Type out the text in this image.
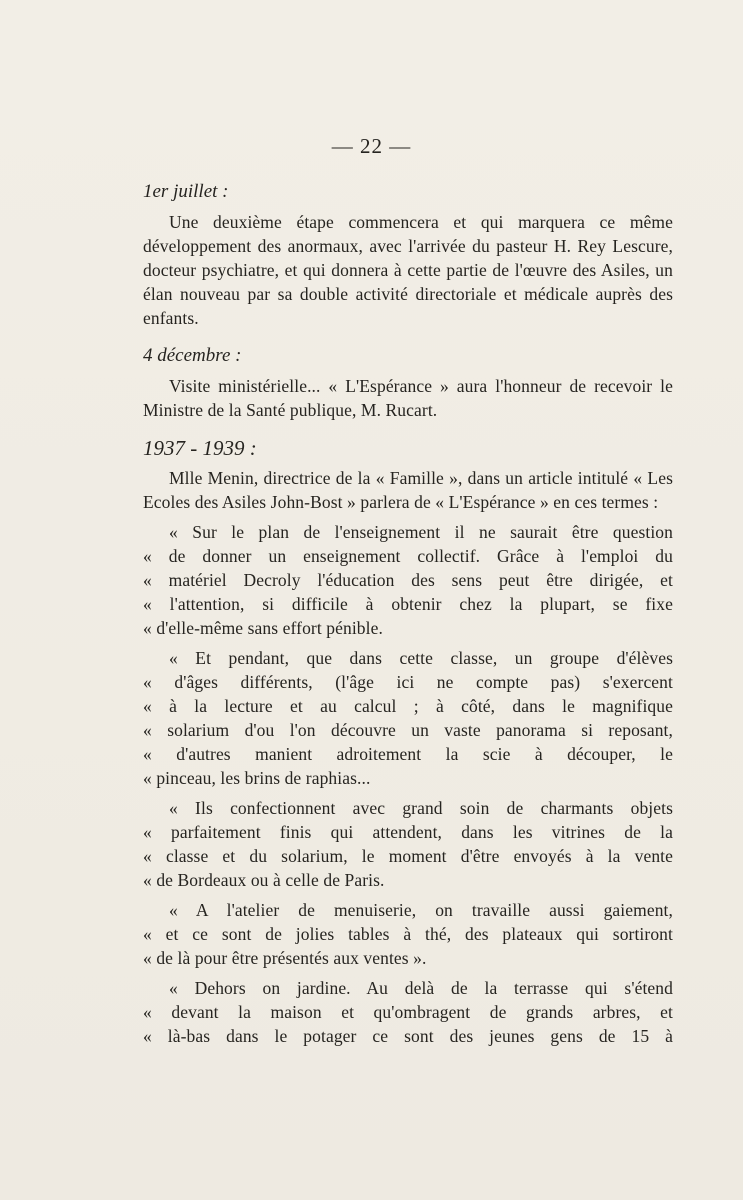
— 22 —
1er juillet :

Une deuxième étape commencera et qui marquera ce même développement des anormaux, avec l'arrivée du pasteur H. Rey Lescure, docteur psychiatre, et qui donnera à cette partie de l'œuvre des Asiles, un élan nouveau par sa double activité directoriale et médicale auprès des enfants.

4 décembre :

Visite ministérielle... « L'Espérance » aura l'honneur de recevoir le Ministre de la Santé publique, M. Rucart.

1937 - 1939 :

Mlle Menin, directrice de la « Famille », dans un article intitulé « Les Ecoles des Asiles John-Bost » parlera de « L'Espérance » en ces termes :

« Sur le plan de l'enseignement il ne saurait être question
« de donner un enseignement collectif. Grâce à l'emploi du
« matériel Decroly l'éducation des sens peut être dirigée, et
« l'attention, si difficile à obtenir chez la plupart, se fixe
« d'elle-même sans effort pénible.
« Et pendant, que dans cette classe, un groupe d'élèves
« d'âges différents, (l'âge ici ne compte pas) s'exercent
« à la lecture et au calcul ; à côté, dans le magnifique
« solarium d'ou l'on découvre un vaste panorama si reposant,
« d'autres manient adroitement la scie à découper, le
« pinceau, les brins de raphias...
« Ils confectionnent avec grand soin de charmants objets
« parfaitement finis qui attendent, dans les vitrines de la
« classe et du solarium, le moment d'être envoyés à la vente
« de Bordeaux ou à celle de Paris.
« A l'atelier de menuiserie, on travaille aussi gaiement,
« et ce sont de jolies tables à thé, des plateaux qui sortiront
« de là pour être présentés aux ventes ».
« Dehors on jardine. Au delà de la terrasse qui s'étend
« devant la maison et qu'ombragent de grands arbres, et
« là-bas dans le potager ce sont des jeunes gens de 15 à
